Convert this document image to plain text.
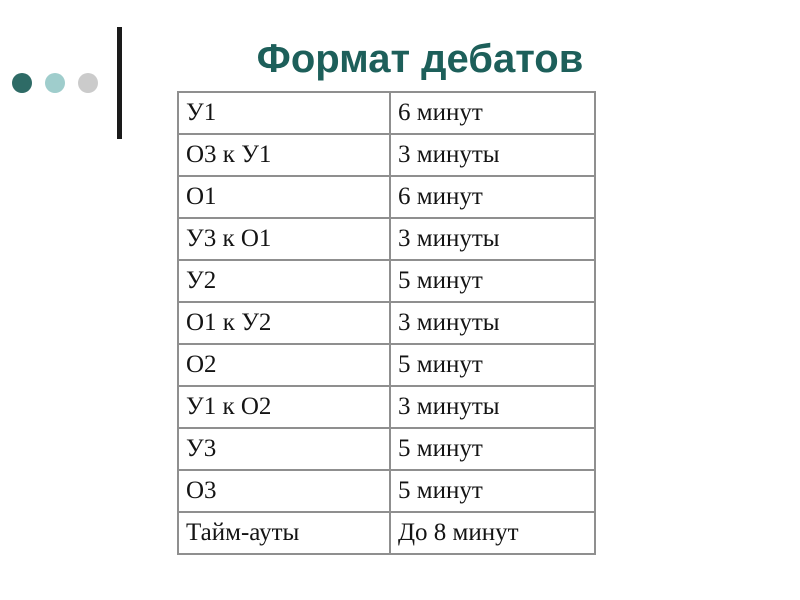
Формат дебатов
У1	6 минут
О3 к У1	3 минуты
О1	6 минут
У3 к О1	3 минуты
У2	5 минут
О1 к У2	3 минуты
О2	5 минут
У1 к О2	3 минуты
У3	5 минут
О3	5 минут
Тайм-ауты	До 8 минут
